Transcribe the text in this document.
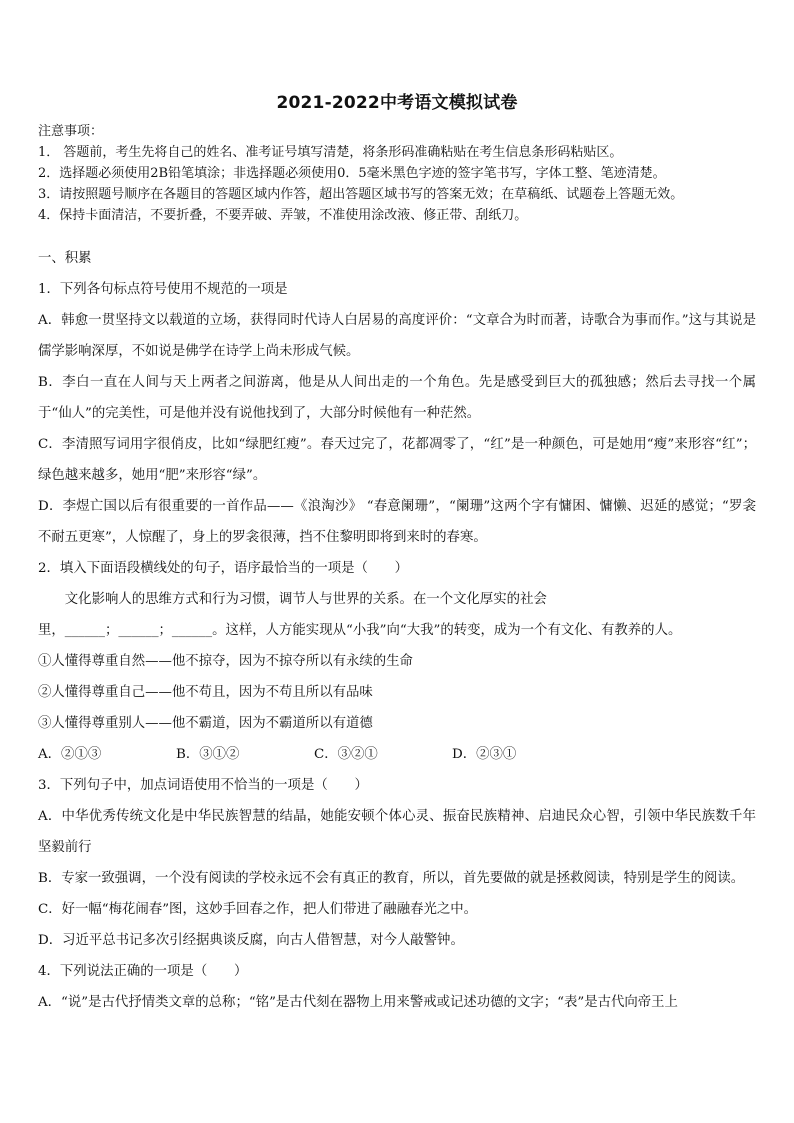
2021-2022中考语文模拟试卷
注意事项：
1． 答题前，考生先将自己的姓名、准考证号填写清楚，将条形码准确粘贴在考生信息条形码粘贴区。
2．选择题必须使用2B铅笔填涂；非选择题必须使用0．5毫米黑色字迹的签字笔书写，字体工整、笔迹清楚。
3．请按照题号顺序在各题目的答题区域内作答，超出答题区域书写的答案无效；在草稿纸、试题卷上答题无效。
4．保持卡面清洁，不要折叠，不要弄破、弄皱，不准使用涂改液、修正带、刮纸刀。

一、积累

1．下列各句标点符号使用不规范的一项是

A．韩愈一贯坚持文以载道的立场，获得同时代诗人白居易的高度评价：“文章合为时而著，诗歌合为事而作。”这与其说是儒学影响深厚，不如说是佛学在诗学上尚未形成气候。

B．李白一直在人间与天上两者之间游离，他是从人间出走的一个角色。先是感受到巨大的孤独感；然后去寻找一个属于“仙人”的完美性，可是他并没有说他找到了，大部分时候他有一种茫然。

C．李清照写词用字很俏皮，比如“绿肥红瘦”。春天过完了，花都凋零了，“红”是一种颜色，可是她用“瘦”来形容“红”；绿色越来越多，她用“肥”来形容“绿”。

D．李煜亡国以后有很重要的一首作品——《浪淘沙》 “春意阑珊”，“阑珊”这两个字有慵困、慵懒、迟延的感觉；“罗衾不耐五更寒”，人惊醒了，身上的罗衾很薄，挡不住黎明即将到来时的春寒。

2．填入下面语段横线处的句子，语序最恰当的一项是（　　）

文化影响人的思维方式和行为习惯，调节人与世界的关系。在一个文化厚实的社会

里，______；______；______。这样，人方能实现从“小我”向“大我”的转变，成为一个有文化、有教养的人。

①人懂得尊重自然——他不掠夺，因为不掠夺所以有永续的生命

②人懂得尊重自己——他不苟且，因为不苟且所以有品味

③人懂得尊重别人——他不霸道，因为不霸道所以有道德

A．②①③	B．③①②	C．③②①	D．②③①

3．下列句子中，加点词语使用不恰当的一项是（　　）

A．中华优秀传统文化是中华民族智慧的结晶，她能安顿个体心灵、振奋民族精神、启迪民众心智，引领中华民族数千年坚毅前行

B．专家一致强调，一个没有阅读的学校永远不会有真正的教育，所以，首先要做的就是拯救阅读，特别是学生的阅读。

C．好一幅“梅花闹春”图，这妙手回春之作，把人们带进了融融春光之中。

D．习近平总书记多次引经据典谈反腐，向古人借智慧，对今人敲警钟。

4．下列说法正确的一项是（　　）

A．“说”是古代抒情类文章的总称；“铭”是古代刻在器物上用来警戒或记述功德的文字；“表”是古代向帝王上
